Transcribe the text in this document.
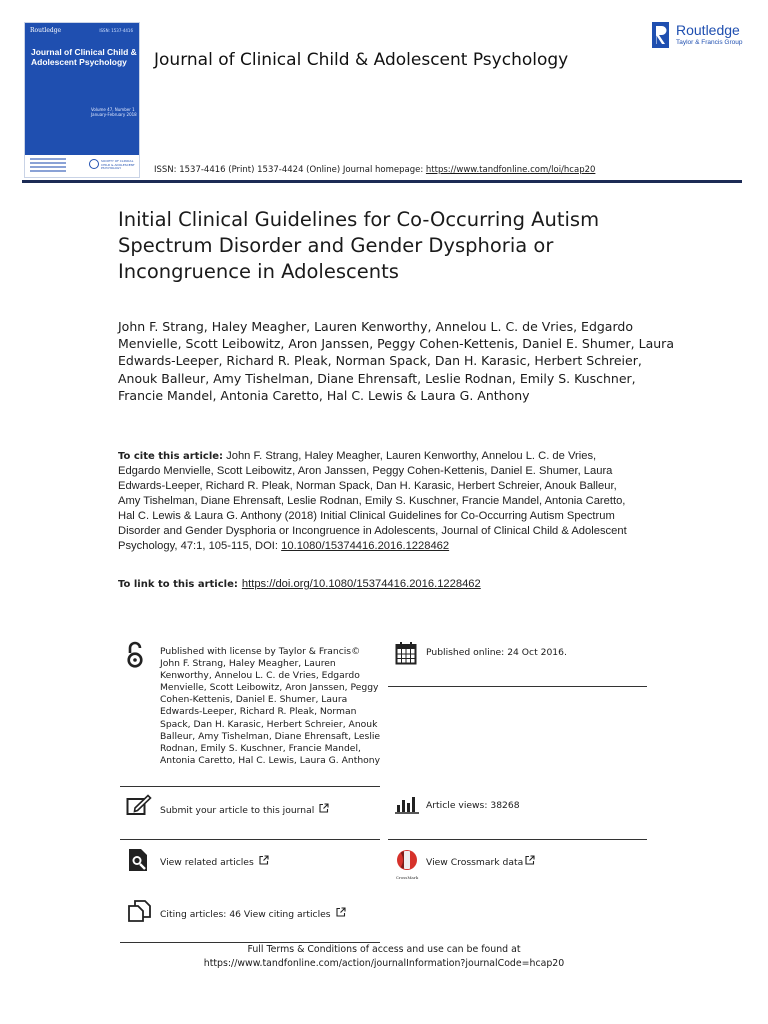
Routledge	ISSN: 1537-4416
Journal of Clinical Child & Adolescent Psychology
Volume 47, Number 1 January-February 2018
SOCIETY OF CLINICAL CHILD & ADOLESCENT PSYCHOLOGY
Journal of Clinical Child & Adolescent Psychology
Routledge
Taylor & Francis Group
ISSN: 1537-4416 (Print) 1537-4424 (Online) Journal homepage: https://www.tandfonline.com/loi/hcap20
Initial Clinical Guidelines for Co-Occurring Autism Spectrum Disorder and Gender Dysphoria or Incongruence in Adolescents
John F. Strang, Haley Meagher, Lauren Kenworthy, Annelou L. C. de Vries, Edgardo Menvielle, Scott Leibowitz, Aron Janssen, Peggy Cohen-Kettenis, Daniel E. Shumer, Laura Edwards-Leeper, Richard R. Pleak, Norman Spack, Dan H. Karasic, Herbert Schreier, Anouk Balleur, Amy Tishelman, Diane Ehrensaft, Leslie Rodnan, Emily S. Kuschner, Francie Mandel, Antonia Caretto, Hal C. Lewis & Laura G. Anthony
To cite this article: John F. Strang, Haley Meagher, Lauren Kenworthy, Annelou L. C. de Vries, Edgardo Menvielle, Scott Leibowitz, Aron Janssen, Peggy Cohen-Kettenis, Daniel E. Shumer, Laura Edwards-Leeper, Richard R. Pleak, Norman Spack, Dan H. Karasic, Herbert Schreier, Anouk Balleur, Amy Tishelman, Diane Ehrensaft, Leslie Rodnan, Emily S. Kuschner, Francie Mandel, Antonia Caretto, Hal C. Lewis & Laura G. Anthony (2018) Initial Clinical Guidelines for Co-Occurring Autism Spectrum Disorder and Gender Dysphoria or Incongruence in Adolescents, Journal of Clinical Child & Adolescent Psychology, 47:1, 105-115, DOI: 10.1080/15374416.2016.1228462
To link to this article: https://doi.org/10.1080/15374416.2016.1228462
Published with license by Taylor & Francis© John F. Strang, Haley Meagher, Lauren Kenworthy, Annelou L. C. de Vries, Edgardo Menvielle, Scott Leibowitz, Aron Janssen, Peggy Cohen-Kettenis, Daniel E. Shumer, Laura Edwards-Leeper, Richard R. Pleak, Norman Spack, Dan H. Karasic, Herbert Schreier, Anouk Balleur, Amy Tishelman, Diane Ehrensaft, Leslie Rodnan, Emily S. Kuschner, Francie Mandel, Antonia Caretto, Hal C. Lewis, Laura G. Anthony
Published online: 24 Oct 2016.
Submit your article to this journal	Article views: 38268
View related articles
CrossMark
View Crossmark data
Citing articles: 46 View citing articles
Full Terms & Conditions of access and use can be found at
https://www.tandfonline.com/action/journalInformation?journalCode=hcap20
